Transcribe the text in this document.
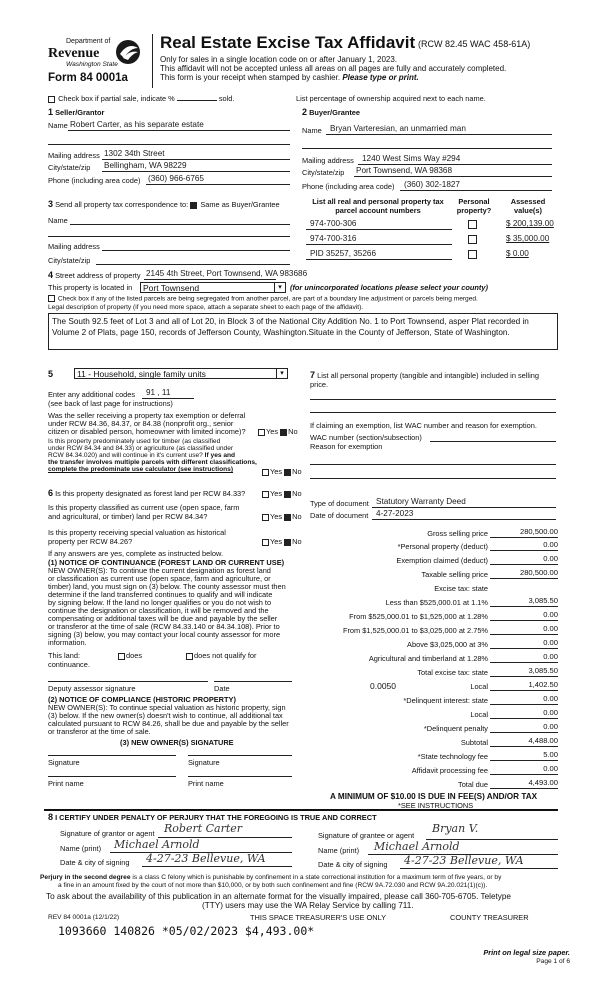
Department of
Revenue
Washington State
Form 84 0001a
Real Estate Excise Tax Affidavit (RCW 82.45 WAC 458-61A)
Only for sales in a single location code on or after January 1, 2023.
This affidavit will not be accepted unless all areas on all pages are fully and accurately completed.
This form is your receipt when stamped by cashier. Please type or print.
Check box if partial sale, indicate %	sold.	List percentage of ownership acquired next to each name.
1 Seller/Grantor
Name Robert Carter, as his separate estate
Mailing address 1302 34th Street
City/state/zip Bellingham, WA 98229
Phone (including area code) (360) 966-6765
2 Buyer/Grantee
Name Bryan Varteresian, an unmarried man
Mailing address 1240 West Sims Way #294
City/state/zip Port Townsend, WA 98368
Phone (including area code) (360) 302-1827
3 Send all property tax correspondence to: Same as Buyer/Grantee
Name
Mailing address
City/state/zip
List all real and personal property tax
parcel account numbers
Personal
property?
Assessed
value(s)
974-700-306	$ 200,139.00
974-700-316	$ 35,000.00
PID 35257, 35266	$ 0.00
4 Street address of property 2145 4th Street, Port Townsend, WA 983686
This property is located in	Port Townsend	▾	(for unincorporated locations please select your county)
Check box if any of the listed parcels are being segregated from another parcel, are part of a boundary line adjustment or parcels being merged.
Legal description of property (if you need more space, attach a separate sheet to each page of the affidavit).
The South 92.5 feet of Lot 3 and all of Lot 20, in Block 3 of the National City Addition No. 1 to Port Townsend, asper Plat recorded in Volume 2 of Plats, page 150, records of Jefferson County, Washington.Situate in the County of Jefferson, State of Washington.
5	11 - Household, single family units	▾
Enter any additional codes 91 , 11
(see back of last page for instructions)
Was the seller receiving a property tax exemption or deferral
under RCW 84.36, 84.37, or 84.38 (nonprofit org., senior
citizen or disabled person, homeowner with limited income)?	Yes No
Is this property predominately used for timber (as classified
under RCW 84.34 and 84.33) or agriculture (as classified under
RCW 84.34.020) and will continue in it's current use? If yes and
the transfer involves multiple parcels with different classifications,
complete the predominate use calculator (see instructions)	Yes No
6 Is this property designated as forest land per RCW 84.33?	Yes No
Is this property classified as current use (open space, farm
and agricultural, or timber) land per RCW 84.34?	Yes No
Is this property receiving special valuation as historical
property per RCW 84.26?	Yes No
If any answers are yes, complete as instructed below.
(1) NOTICE OF CONTINUANCE (FOREST LAND OR CURRENT USE)
NEW OWNER(S): To continue the current designation as forest land
or classification as current use (open space, farm and agriculture, or
timber) land, you must sign on (3) below. The county assessor must then
determine if the land transferred continues to qualify and will indicate
by signing below. If the land no longer qualifies or you do not wish to
continue the designation or classification, it will be removed and the
compensating or additional taxes will be due and payable by the seller
or transferor at the time of sale (RCW 84.33.140 or 84.34.108). Prior to
signing (3) below, you may contact your local county assessor for more
information.
This land:	does	does not qualify for
continuance.
Deputy assessor signature	Date
(2) NOTICE OF COMPLIANCE (HISTORIC PROPERTY)
NEW OWNER(S): To continue special valuation as historic property, sign
(3) below. If the new owner(s) doesn't wish to continue, all additional tax
calculated pursuant to RCW 84.26, shall be due and payable by the seller
or transferor at the time of sale.
(3) NEW OWNER(S) SIGNATURE
Signature	Signature
Print name	Print name
7 List all personal property (tangible and intangible) included in selling
price.
If claiming an exemption, list WAC number and reason for exemption.
WAC number (section/subsection)
Reason for exemption
Type of document Statutory Warranty Deed
Date of document 4-27-2023
Gross selling price	280,500.00
*Personal property (deduct)	0.00
Exemption claimed (deduct)	0.00
Taxable selling price	280,500.00
Excise tax: state
Less than $525,000.01 at 1.1%	3,085.50
From $525,000.01 to $1,525,000 at 1.28%	0.00
From $1,525,000.01 to $3,025,000 at 2.75%	0.00
Above $3,025,000 at 3%	0.00
Agricultural and timberland at 1.28%	0.00
Total excise tax: state	3,085.50
0.0050	Local	1,402.50
*Delinquent interest: state	0.00
Local	0.00
*Delinquent penalty	0.00
Subtotal	4,488.00
*State technology fee	5.00
Affidavit processing fee	0.00
Total due	4,493.00
A MINIMUM OF $10.00 IS DUE IN FEE(S) AND/OR TAX
*SEE INSTRUCTIONS
8 I CERTIFY UNDER PENALTY OF PERJURY THAT THE FOREGOING IS TRUE AND CORRECT
Signature of grantor or agent Robert Carter
Name (print) Michael Arnold
Date & city of signing 4-27-23 Bellevue, WA
Signature of grantee or agent
Bryan V.
Name (print) Michael Arnold
Date & city of signing 4-27-23 Bellevue, WA
Perjury in the second degree is a class C felony which is punishable by confinement in a state correctional institution for a maximum term of five years, or by
a fine in an amount fixed by the court of not more than $10,000, or by both such confinement and fine (RCW 9A.72.030 and RCW 9A.20.021(1)(c)).
To ask about the availability of this publication in an alternate format for the visually impaired, please call 360-705-6705. Teletype
(TTY) users may use the WA Relay Service by calling 711.
REV 84 0001a (12/1/22)	THIS SPACE TREASURER'S USE ONLY	COUNTY TREASURER
1093660 140826 *05/02/2023 $4,493.00*
Print on legal size paper.
Page 1 of 6
